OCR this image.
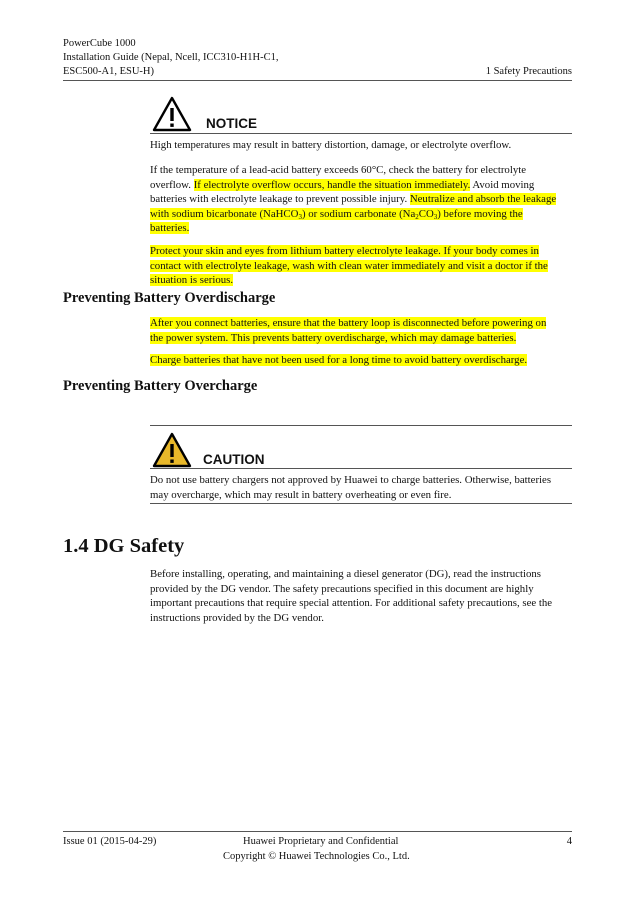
PowerCube 1000
Installation Guide (Nepal, Ncell, ICC310-H1H-C1,
ESC500-A1, ESU-H)	1 Safety Precautions
NOTICE
High temperatures may result in battery distortion, damage, or electrolyte overflow.
If the temperature of a lead-acid battery exceeds 60°C, check the battery for electrolyte
overflow. If electrolyte overflow occurs, handle the situation immediately. Avoid moving
batteries with electrolyte leakage to prevent possible injury. Neutralize and absorb the leakage
with sodium bicarbonate (NaHCO$_3$) or sodium carbonate $(Na_2CO_3)$ before moving the
batteries.
Protect your skin and eyes from lithium battery electrolyte leakage. If your body comes in
contact with electrolyte leakage, wash with clean water immediately and visit a doctor if the
situation is serious.
Preventing Battery Overdischarge
After you connect batteries, ensure that the battery loop is disconnected before powering on
the power system. This prevents battery overdischarge, which may damage batteries.
Charge batteries that have not been used for a long time to avoid battery overdischarge.
Preventing Battery Overcharge
CAUTION
Do not use battery chargers not approved by Huawei to charge batteries. Otherwise, batteries
may overcharge, which may result in battery overheating or even fire.
1.4 DG Safety
Before installing, operating, and maintaining a diesel generator (DG), read the instructions
provided by the DG vendor. The safety precautions specified in this document are highly
important precautions that require special attention. For additional safety precautions, see the
instructions provided by the DG vendor.
Issue 01 (2015-04-29)	Huawei Proprietary and Confidential
Copyright © Huawei Technologies Co., Ltd.
4
